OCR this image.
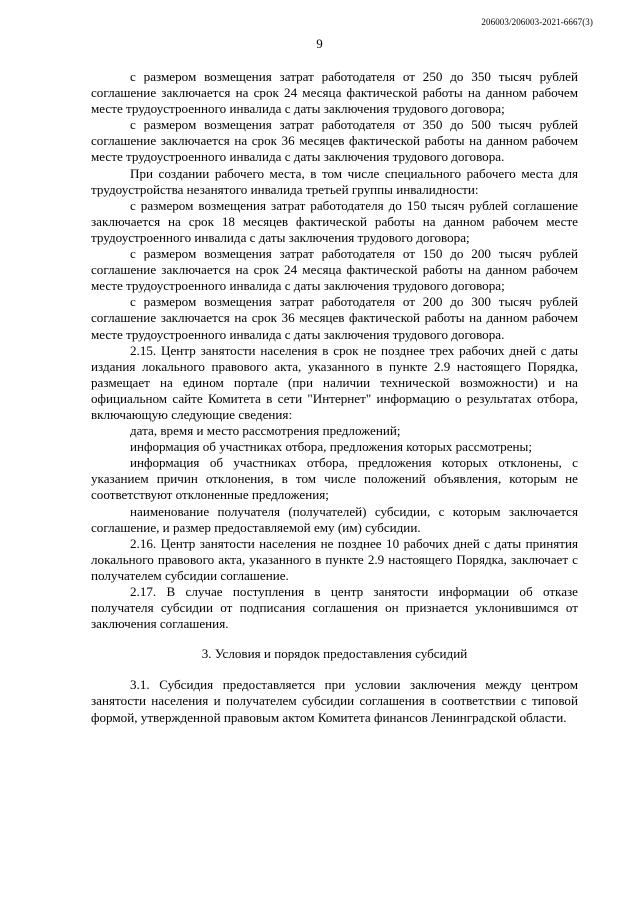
206003/206003-2021-6667(3)
9

с размером возмещения затрат работодателя от 250 до 350 тысяч рублей соглашение заключается на срок 24 месяца фактической работы на данном рабочем месте трудоустроенного инвалида с даты заключения трудового договора;

с размером возмещения затрат работодателя от 350 до 500 тысяч рублей соглашение заключается на срок 36 месяцев фактической работы на данном рабочем месте трудоустроенного инвалида с даты заключения трудового договора.

При создании рабочего места, в том числе специального рабочего места для трудоустройства незанятого инвалида третьей группы инвалидности:

с размером возмещения затрат работодателя до 150 тысяч рублей соглашение заключается на срок 18 месяцев фактической работы на данном рабочем месте трудоустроенного инвалида с даты заключения трудового договора;

с размером возмещения затрат работодателя от 150 до 200 тысяч рублей соглашение заключается на срок 24 месяца фактической работы на данном рабочем месте трудоустроенного инвалида с даты заключения трудового договора;

с размером возмещения затрат работодателя от 200 до 300 тысяч рублей соглашение заключается на срок 36 месяцев фактической работы на данном рабочем месте трудоустроенного инвалида с даты заключения трудового договора.

2.15. Центр занятости населения в срок не позднее трех рабочих дней с даты издания локального правового акта, указанного в пункте 2.9 настоящего Порядка, размещает на едином портале (при наличии технической возможности) и на официальном сайте Комитета в сети "Интернет" информацию о результатах отбора, включающую следующие сведения:

дата, время и место рассмотрения предложений;

информация об участниках отбора, предложения которых рассмотрены;

информация об участниках отбора, предложения которых отклонены, с указанием причин отклонения, в том числе положений объявления, которым не соответствуют отклоненные предложения;

наименование получателя (получателей) субсидии, с которым заключается соглашение, и размер предоставляемой ему (им) субсидии.

2.16. Центр занятости населения не позднее 10 рабочих дней с даты принятия локального правового акта, указанного в пункте 2.9 настоящего Порядка, заключает с получателем субсидии соглашение.

2.17. В случае поступления в центр занятости информации об отказе получателя субсидии от подписания соглашения он признается уклонившимся от заключения соглашения.

3. Условия и порядок предоставления субсидий

3.1. Субсидия предоставляется при условии заключения между центром занятости населения и получателем субсидии соглашения в соответствии с типовой формой, утвержденной правовым актом Комитета финансов Ленинградской области.
